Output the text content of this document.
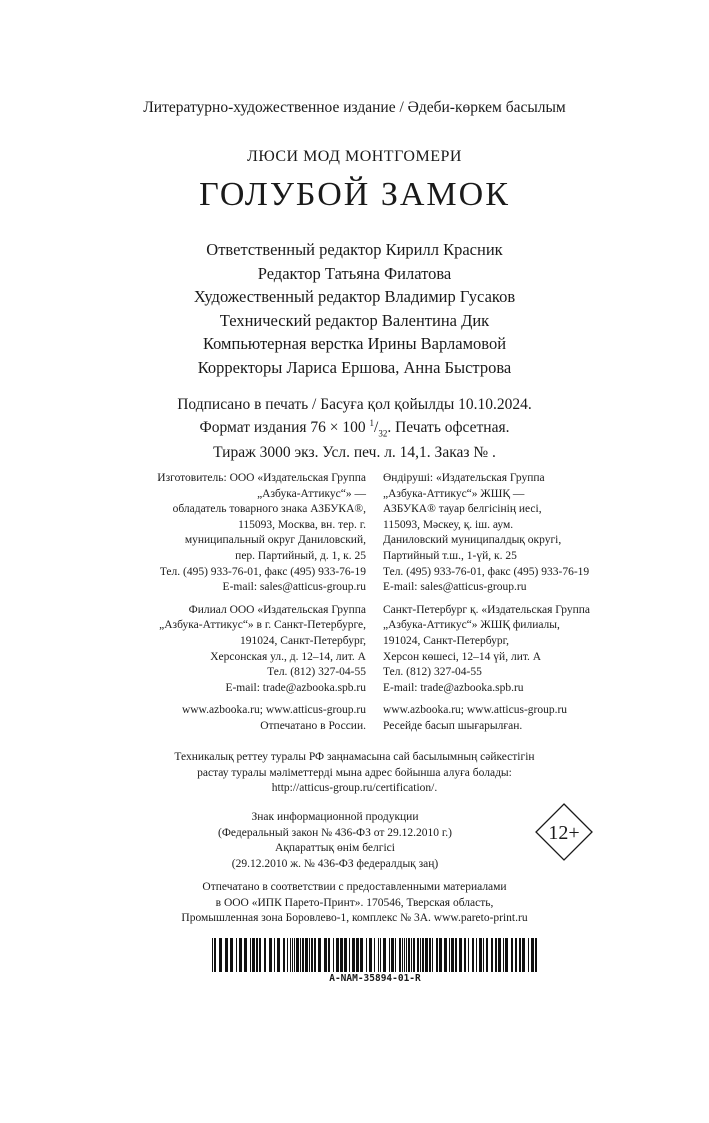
Литературно-художественное издание / Әдеби-көркем басылым
ЛЮСИ МОД МОНТГОМЕРИ
ГОЛУБОЙ ЗАМОК
Ответственный редактор Кирилл Красник
Редактор Татьяна Филатова
Художественный редактор Владимир Гусаков
Технический редактор Валентина Дик
Компьютерная верстка Ирины Варламовой
Корректоры Лариса Ершова, Анна Быстрова
Подписано в печать / Басуға қол қойылды 10.10.2024.
Формат издания 76 × 100 $^1/_{32}$. Печать офсетная.
Тираж 3000 экз. Усл. печ. л. 14,1. Заказ № .
Изготовитель: ООО «Издательская Группа
„Азбука-Аттикус“» —
обладатель товарного знака АЗБУКА®,
115093, Москва, вн. тер. г.
муниципальный округ Даниловский,
пер. Партийный, д. 1, к. 25
Тел. (495) 933-76-01, факс (495) 933-76-19
E-mail: sales@atticus-group.ru
Филиал ООО «Издательская Группа
„Азбука-Аттикус“» в г. Санкт-Петербурге,
191024, Санкт-Петербург,
Херсонская ул., д. 12–14, лит. А
Тел. (812) 327-04-55
E-mail: trade@azbooka.spb.ru
www.azbooka.ru; www.atticus-group.ru
Отпечатано в России.
Өндіруші: «Издательская Группа
„Азбука-Аттикус“» ЖШҚ —
АЗБУКА® тауар белгісінің иесі,
115093, Мәскеу, қ. іш. аум.
Даниловский муниципалдық округі,
Партийный т.ш., 1-үй, к. 25
Тел. (495) 933-76-01, факс (495) 933-76-19
E-mail: sales@atticus-group.ru
Санкт-Петербург қ. «Издательская Группа
„Азбука-Аттикус“» ЖШҚ филиалы,
191024, Санкт-Петербург,
Херсон көшесі, 12–14 үй, лит. А
Тел. (812) 327-04-55
E-mail: trade@azbooka.spb.ru
www.azbooka.ru; www.atticus-group.ru
Ресейде басып шығарылған.
Техникалық реттеу туралы РФ заңнамасына сай басылымның сәйкестігін
растау туралы мәліметтерді мына адрес бойынша алуға болады:
http://atticus-group.ru/certification/.
Знак информационной продукции
(Федеральный закон № 436-ФЗ от 29.12.2010 г.)
Ақпараттық өнім белгісі
(29.12.2010 ж. № 436-ФЗ федералдық заң)
12+
Отпечатано в соответствии с предоставленными материалами
в ООО «ИПК Парето-Принт». 170546, Тверская область,
Промышленная зона Боровлево-1, комплекс № 3А. www.pareto-print.ru
A-NAM-35894-01-R
